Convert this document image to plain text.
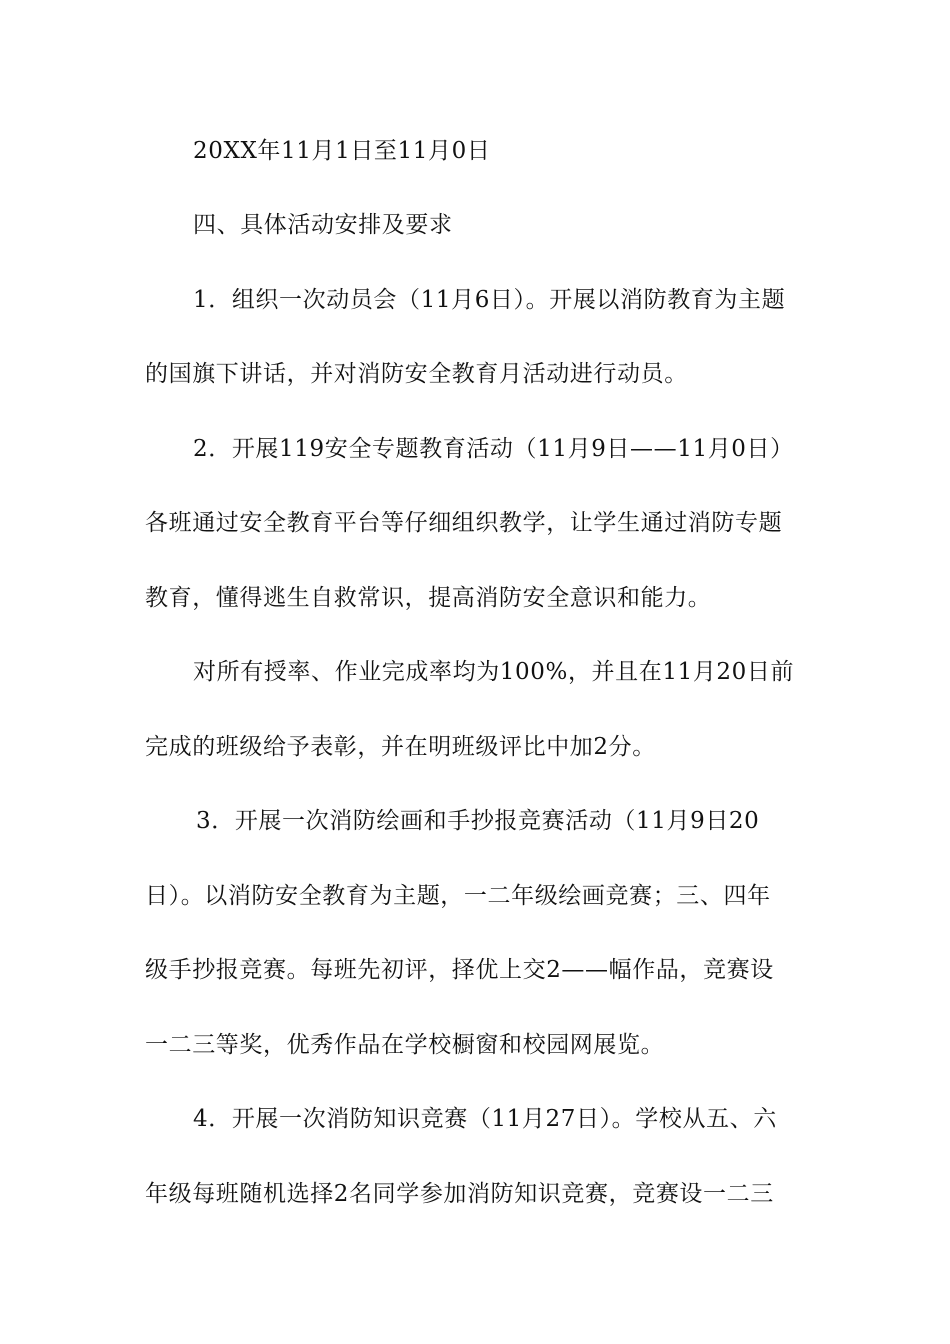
20XX年11月1日至11月0日
四、具体活动安排及要求
1．组织一次动员会（11月6日）。开展以消防教育为主题
的国旗下讲话，并对消防安全教育月活动进行动员。
2．开展119安全专题教育活动（11月9日——11月0日）
各班通过安全教育平台等仔细组织教学，让学生通过消防专题
教育，懂得逃生自救常识，提高消防安全意识和能力。
对所有授率、作业完成率均为100%，并且在11月20日前
完成的班级给予表彰，并在明班级评比中加2分。
3．开展一次消防绘画和手抄报竞赛活动（11月9日20
日）。以消防安全教育为主题，一二年级绘画竞赛；三、四年
级手抄报竞赛。每班先初评，择优上交2——幅作品，竞赛设
一二三等奖，优秀作品在学校橱窗和校园网展览。
4．开展一次消防知识竞赛（11月27日）。学校从五、六
年级每班随机选择2名同学参加消防知识竞赛，竞赛设一二三
